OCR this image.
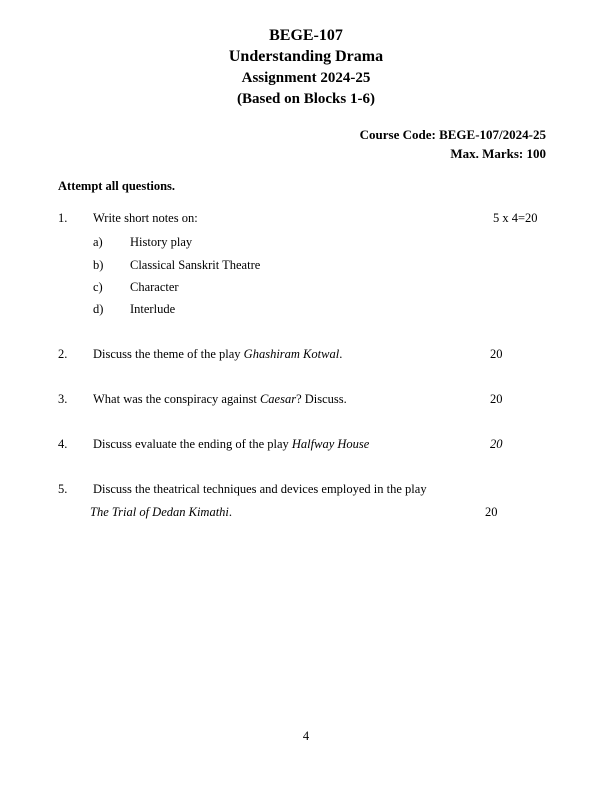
BEGE-107
Understanding Drama
Assignment 2024-25
(Based on Blocks 1-6)
Course Code: BEGE-107/2024-25
Max. Marks: 100
Attempt all questions.
1. Write short notes on:	5 x 4=20
a) History play
b) Classical Sanskrit Theatre
c) Character
d) Interlude
2. Discuss the theme of the play Ghashiram Kotwal.	20
3. What was the conspiracy against Caesar? Discuss.	20
4. Discuss evaluate the ending of the play Halfway House	20
5. Discuss the theatrical techniques and devices employed in the play
The Trial of Dedan Kimathi.	20
4
